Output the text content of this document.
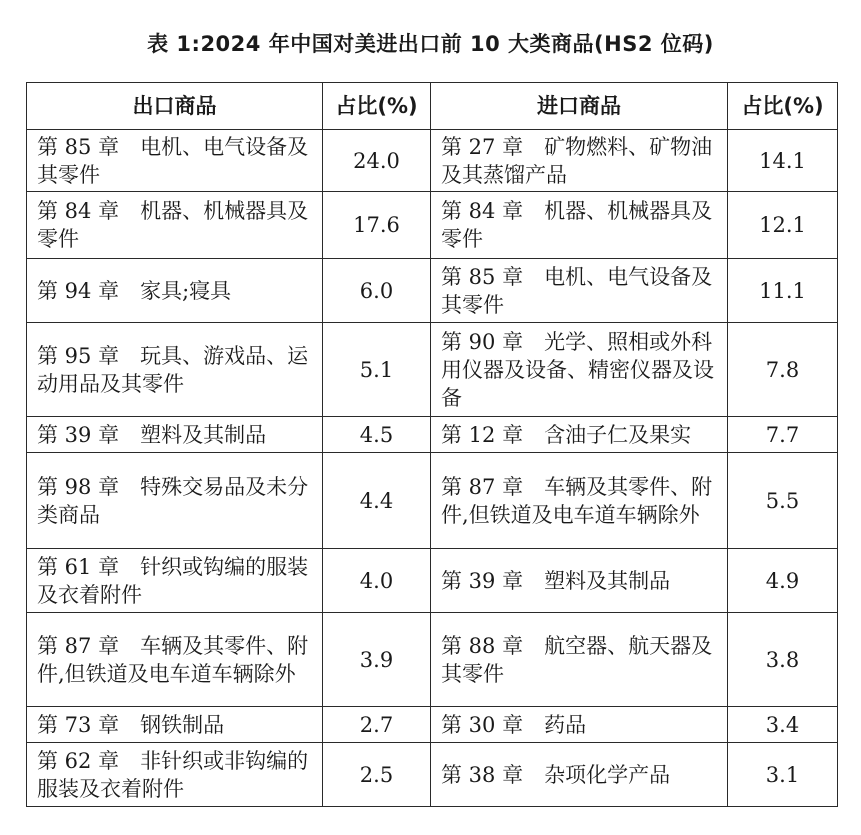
表 1:2024 年中国对美进出口前 10 大类商品(HS2 位码)
出口商品	占比(%)	进口商品	占比(%)
第 85 章　电机、电气设备及其零件	24.0	第 27 章　矿物燃料、矿物油及其蒸馏产品	14.1
第 84 章　机器、机械器具及零件	17.6	第 84 章　机器、机械器具及零件	12.1
第 94 章　家具;寝具	6.0	第 85 章　电机、电气设备及其零件	11.1
第 95 章　玩具、游戏品、运动用品及其零件	5.1	第 90 章　光学、照相或外科用仪器及设备、精密仪器及设备	7.8
第 39 章　塑料及其制品	4.5	第 12 章　含油子仁及果实	7.7
第 98 章　特殊交易品及未分类商品	4.4	第 87 章　车辆及其零件、附件,但铁道及电车道车辆除外	5.5
第 61 章　针织或钩编的服装及衣着附件	4.0	第 39 章　塑料及其制品	4.9
第 87 章　车辆及其零件、附件,但铁道及电车道车辆除外	3.9	第 88 章　航空器、航天器及其零件	3.8
第 73 章　钢铁制品	2.7	第 30 章　药品	3.4
第 62 章　非针织或非钩编的服装及衣着附件	2.5	第 38 章　杂项化学产品	3.1
